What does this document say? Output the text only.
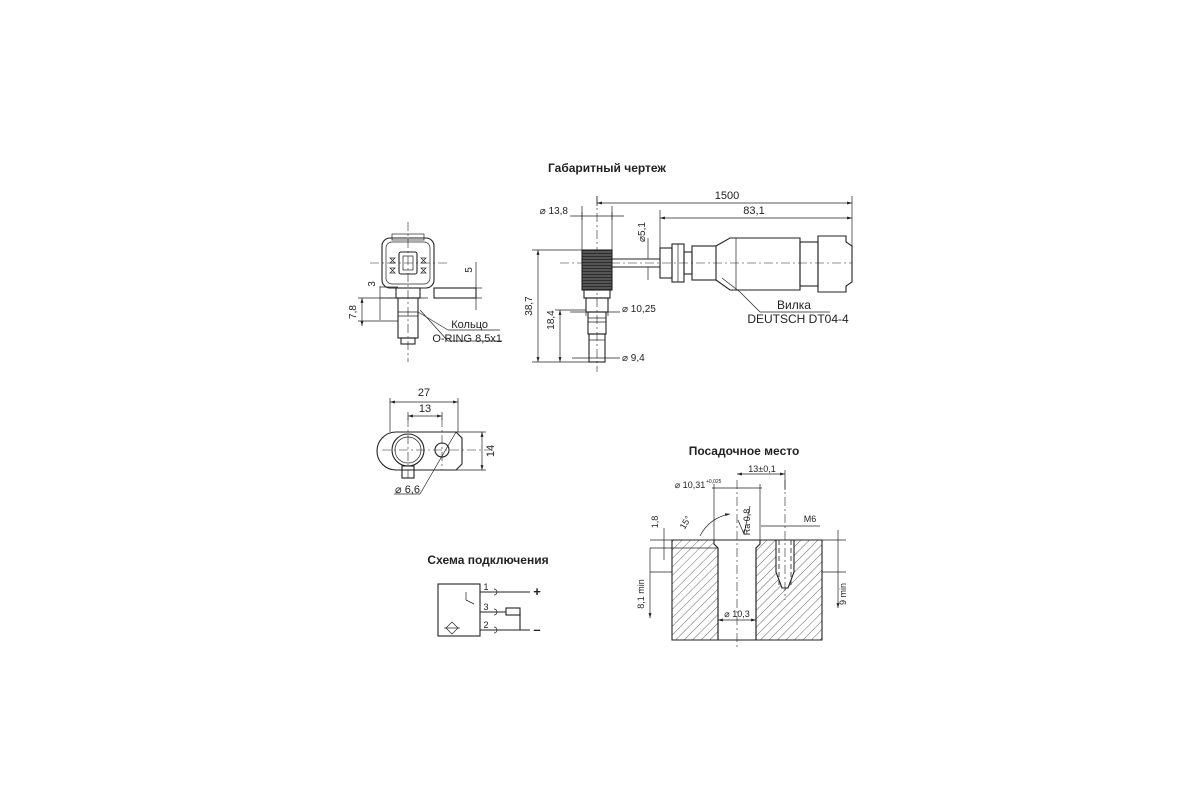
Габаритный чертеж
3
7,8
5
Кольцо
O-RING 8,5x1
⌀ 13,8
1500
83,1
⌀5,1
38,7
18,4
⌀ 10,25
⌀ 9,4
Вилка
DEUTSCH DT04-4
27
13
14
⌀ 6,6
Посадочное место
⌀ 10,31 +0,025
13±0,1
15°	Ra 0,8	M6
1,8
8,1 min	9 min
⌀ 10,3
Схема подключения
1
3
2
+
–
